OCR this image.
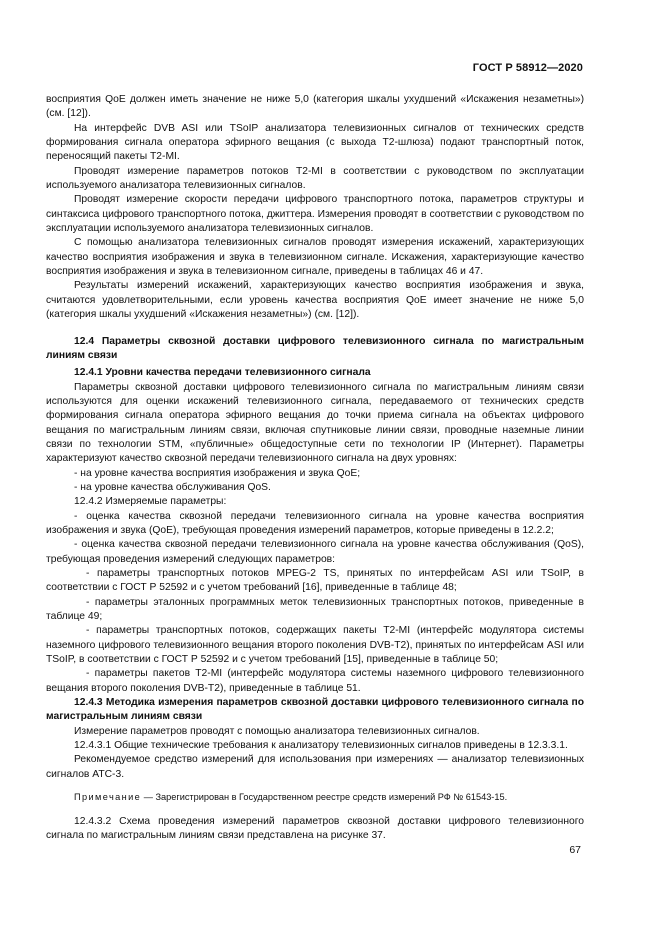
ГОСТ Р 58912—2020

восприятия QoE должен иметь значение не ниже 5,0 (категория шкалы ухудшений «Искажения незаметны») (см. [12]).

На интерфейс DVB ASI или TSoIP анализатора телевизионных сигналов от технических средств формирования сигнала оператора эфирного вещания (с выхода Т2-шлюза) подают транспортный поток, переносящий пакеты Т2-MI.

Проводят измерение параметров потоков Т2-MI в соответствии с руководством по эксплуатации используемого анализатора телевизионных сигналов.

Проводят измерение скорости передачи цифрового транспортного потока, параметров структуры и синтаксиса цифрового транспортного потока, джиттера. Измерения проводят в соответствии с руководством по эксплуатации используемого анализатора телевизионных сигналов.

С помощью анализатора телевизионных сигналов проводят измерения искажений, характеризующих качество восприятия изображения и звука в телевизионном сигнале. Искажения, характеризующие качество восприятия изображения и звука в телевизионном сигнале, приведены в таблицах 46 и 47.

Результаты измерений искажений, характеризующих качество восприятия изображения и звука, считаются удовлетворительными, если уровень качества восприятия QoE имеет значение не ниже 5,0 (категория шкалы ухудшений «Искажения незаметны») (см. [12]).

12.4 Параметры сквозной доставки цифрового телевизионного сигнала по магистральным линиям связи

12.4.1 Уровни качества передачи телевизионного сигнала

Параметры сквозной доставки цифрового телевизионного сигнала по магистральным линиям связи используются для оценки искажений телевизионного сигнала, передаваемого от технических средств формирования сигнала оператора эфирного вещания до точки приема сигнала на объектах цифрового вещания по магистральным линиям связи, включая спутниковые линии связи, проводные наземные линии связи по технологии STM, «публичные» общедоступные сети по технологии IP (Интернет). Параметры характеризуют качество сквозной передачи телевизионного сигнала на двух уровнях:

- на уровне качества восприятия изображения и звука QoE;

- на уровне качества обслуживания QoS.

12.4.2 Измеряемые параметры:

- оценка качества сквозной передачи телевизионного сигнала на уровне качества восприятия изображения и звука (QoE), требующая проведения измерений параметров, которые приведены в 12.2.2;

- оценка качества сквозной передачи телевизионного сигнала на уровне качества обслуживания (QoS), требующая проведения измерений следующих параметров:

- параметры транспортных потоков MPEG-2 TS, принятых по интерфейсам ASI или TSoIP, в соответствии с ГОСТ Р 52592 и с учетом требований [16], приведенные в таблице 48;

- параметры эталонных программных меток телевизионных транспортных потоков, приведенные в таблице 49;

- параметры транспортных потоков, содержащих пакеты Т2-MI (интерфейс модулятора системы наземного цифрового телевизионного вещания второго поколения DVB-T2), принятых по интерфейсам ASI или TSoIP, в соответствии с ГОСТ Р 52592 и с учетом требований [15], приведенные в таблице 50;

- параметры пакетов Т2-MI (интерфейс модулятора системы наземного цифрового телевизионного вещания второго поколения DVB-T2), приведенные в таблице 51.

12.4.3 Методика измерения параметров сквозной доставки цифрового телевизионного сигнала по магистральным линиям связи

Измерение параметров проводят с помощью анализатора телевизионных сигналов.

12.4.3.1 Общие технические требования к анализатору телевизионных сигналов приведены в 12.3.3.1.

Рекомендуемое средство измерений для использования при измерениях — анализатор телевизионных сигналов АТС-3.

Примечание — Зарегистрирован в Государственном реестре средств измерений РФ № 61543-15.

12.4.3.2 Схема проведения измерений параметров сквозной доставки цифрового телевизионного сигнала по магистральным линиям связи представлена на рисунке 37.

67
